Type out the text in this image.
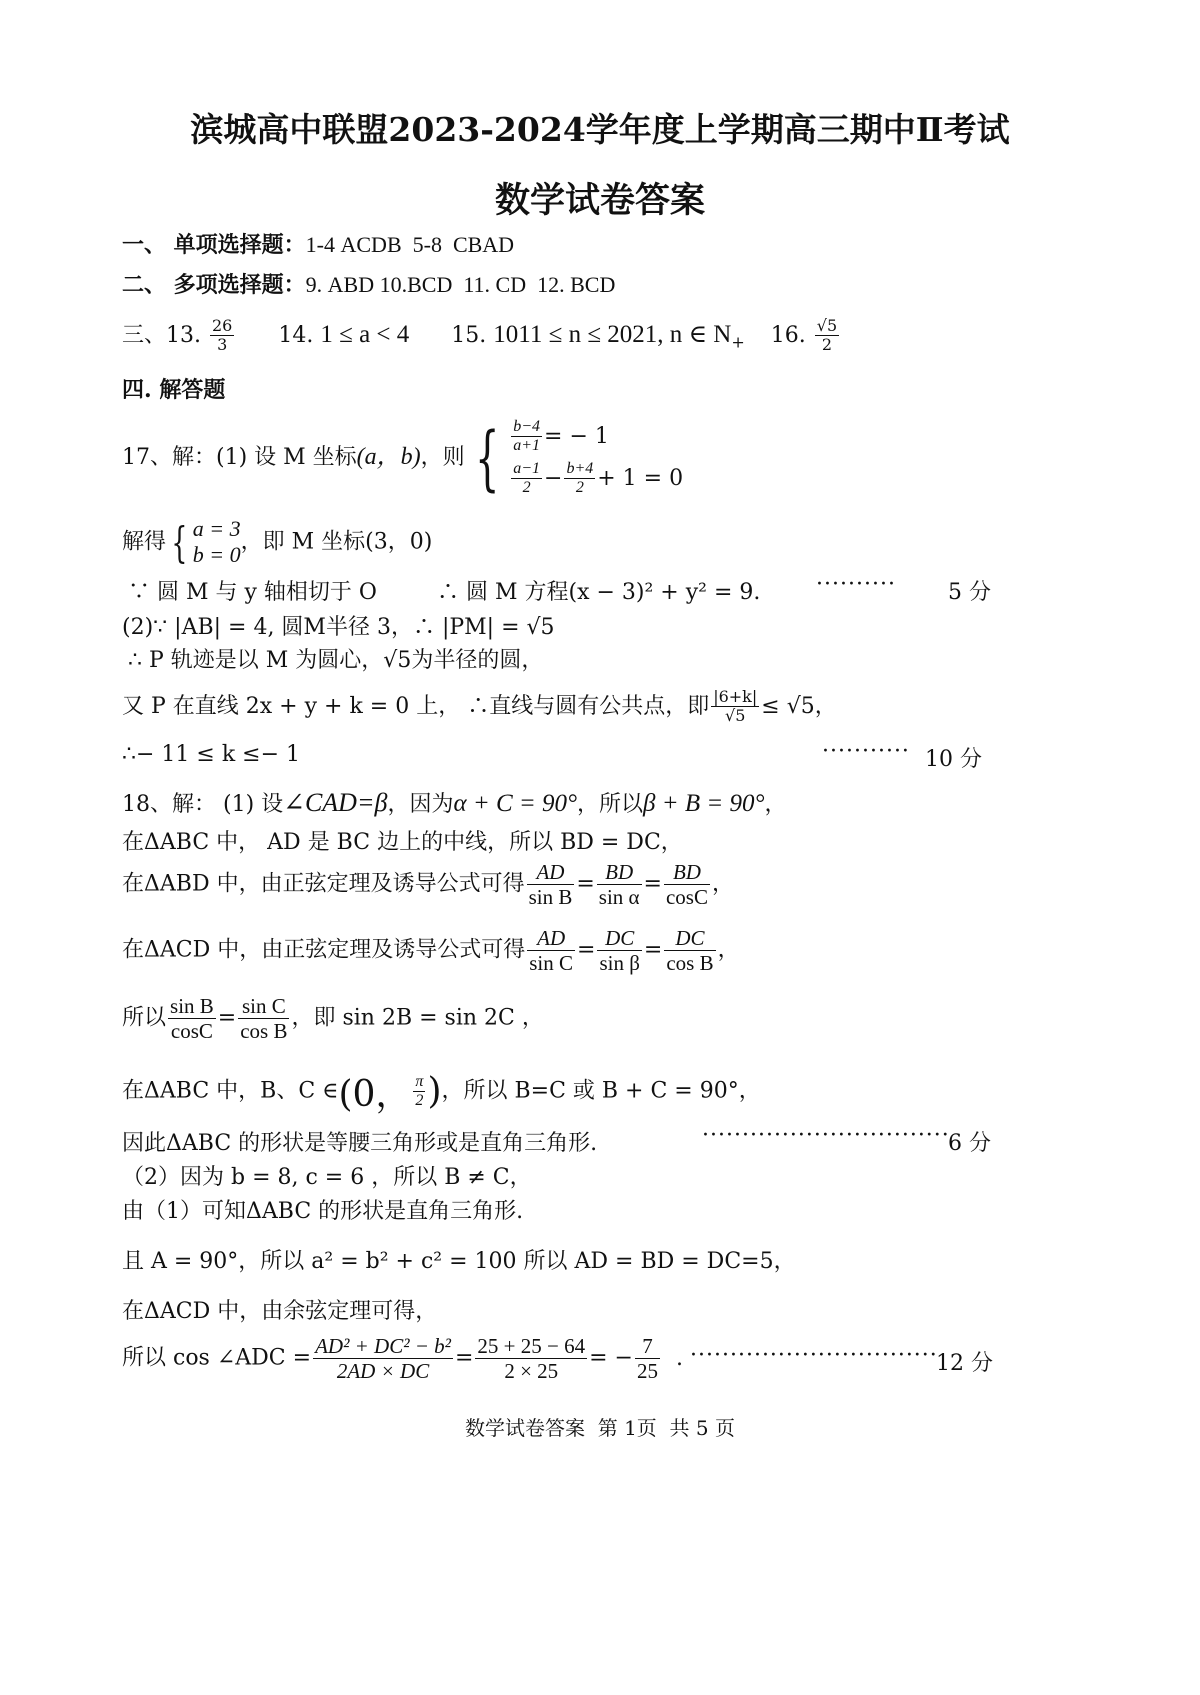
滨城高中联盟2023-2024学年度上学期高三期中Ⅱ考试
数学试卷答案
一、 单项选择题：1-4 ACDB  5-8  CBAD
二、 多项选择题：9. ABD 10.BCD  11. CD  12. BCD
三、13. $\frac{26}{3} 14$. 1 ≤ a < 4 15. 1011 ≤ n ≤ 2021, n ∈ $N_+$ 16. $\frac{√5}{2}$
四. 解答题
17、解：(1) 设 M 坐标(a，b)，则 { $\frac{b-4}{a+1}$ = − 1
$\frac{a-1}{2} - \frac{b+4}{2} + 1 = 0$
解得 { a = 3
b = 0
，即 M 坐标(3，0)
∵ 圆 M 与 y 轴相切于 O	∴ 圆 M 方程(x − 3)² + y² = 9.	·········· 5 分
(2)∵ |AB| = 4, 圆M半径 3，∴ |PM| = √5
∴ P 轨迹是以 M 为圆心，√5为半径的圆，
又 P 在直线 2x + y + k = 0 上， ∴直线与圆有公共点，即 $\frac{|6+k|}{√5} \le √5$，
∴− 11 ≤ k ≤− 1	··········· 10 分
18、解： (1) 设∠CAD=β，因为α + C = 90°，所以β + B = 90°，
在ΔABC 中， AD 是 BC 边上的中线，所以 BD = DC，
在ΔABD 中，由正弦定理及诱导公式可得 $\frac{AD}{\text{sin B}} = \frac{BD}{\text{sin α}} = \frac{BD}{\cos C}$ ，
在ΔACD 中，由正弦定理及诱导公式可得 $\frac{AD}{\text{sin C}} = \frac{DC}{\text{sin β}} = \frac{DC}{\text{cos B}}$ ，
所以 $\frac{\text{sin B}}{\cos C} = \frac{\text{sin C}}{\text{cos B}}$ ，即 sin 2B = sin 2C ，
在ΔABC 中，B、C ∈(0， $\frac{\pi}{2}$ )，所以 B=C 或 B + C = 90°，
因此ΔABC 的形状是等腰三角形或是直角三角形.	·······························
6 分
（2）因为 b = 8, c = 6 ，所以 B ≠ C，
由（1）可知ΔABC 的形状是直角三角形.
且 A = 90°，所以 a² = b² + c² = 100 所以 AD = BD = DC=5，
在ΔACD 中，由余弦定理可得，
所以 cos ∠ADC = $\frac{\text{AD² + DC² − b²}}{2AD \times DC} = \frac{25 + 25 - 64}{2 \times 25}$ = − $\frac{7}{25}$ . ·······························
12 分
数学试卷答案  第 1页  共 5 页
